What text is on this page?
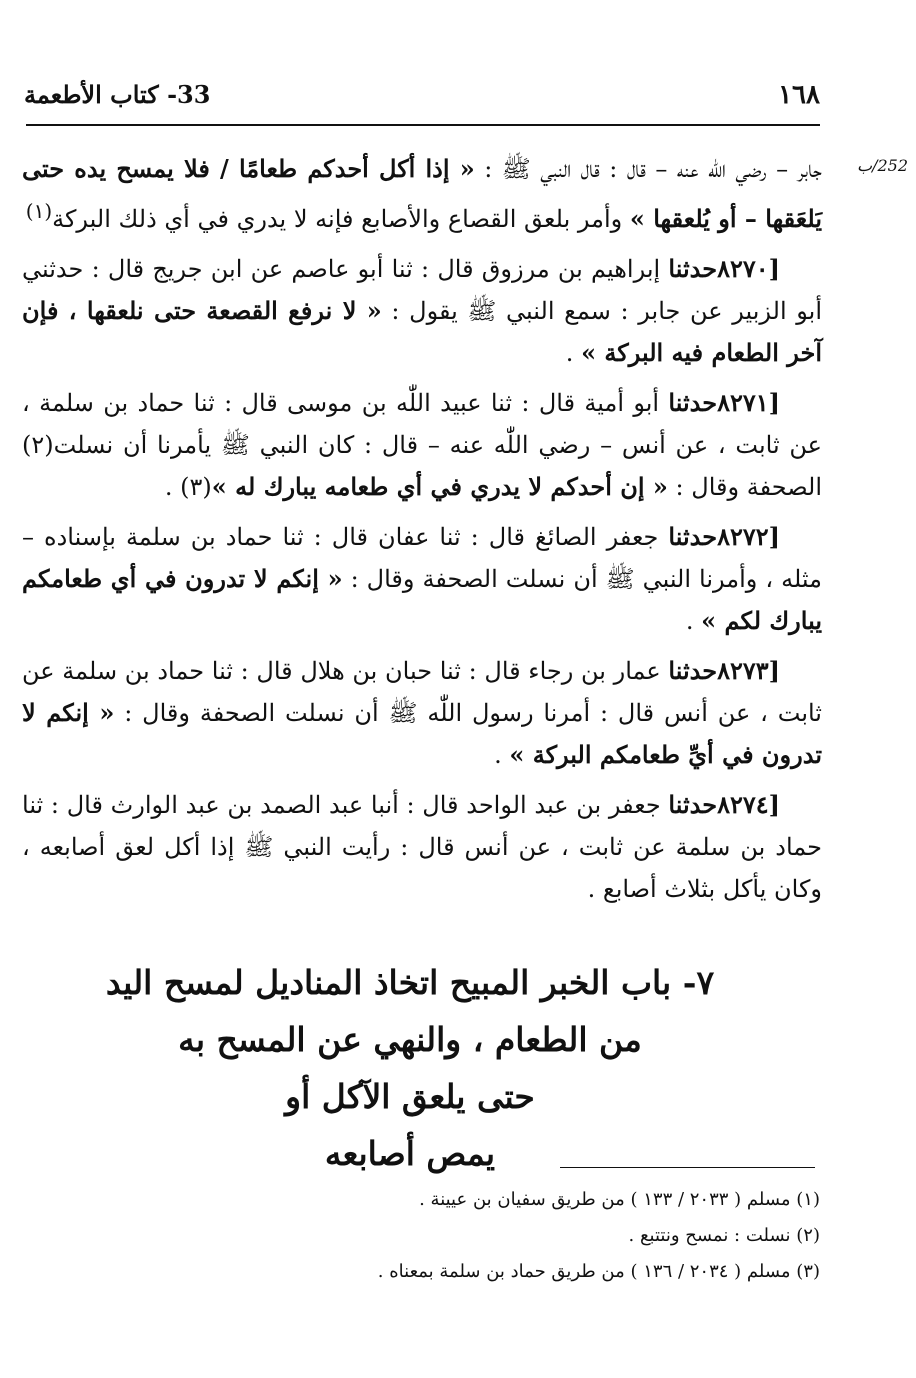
١٦٨
33- كتاب الأطعمة
252/ب

جابر – رضي اللّٰه عنه – قال : قال النبي ﷺ : « إذا أكل أحدكم طعامًا / فلا يمسح يده حتى يَلعَقها – أو يُلعقها » وأمر بلعق القصاع والأصابع فإنه لا يدري في أي ذلك البركة$^{(١)}$

[٨٢٧٠حدثنا إبراهيم بن مرزوق قال : ثنا أبو عاصم عن ابن جريج قال : حدثني أبو الزبير عن جابر : سمع النبي ﷺ يقول : « لا نرفع القصعة حتى نلعقها ، فإن آخر الطعام فيه البركة » .

[٨٢٧١حدثنا أبو أمية قال : ثنا عبيد اللّٰه بن موسى قال : ثنا حماد بن سلمة ، عن ثابت ، عن أنس – رضي اللّٰه عنه – قال : كان النبي ﷺ يأمرنا أن نسلت(٢) الصحفة وقال : « إن أحدكم لا يدري في أي طعامه يبارك له »(٣) .

[٨٢٧٢حدثنا جعفر الصائغ قال : ثنا عفان قال : ثنا حماد بن سلمة بإسناده – مثله ، وأمرنا النبي ﷺ أن نسلت الصحفة وقال : « إنكم لا تدرون في أي طعامكم يبارك لكم » .

[٨٢٧٣حدثنا عمار بن رجاء قال : ثنا حبان بن هلال قال : ثنا حماد بن سلمة عن ثابت ، عن أنس قال : أمرنا رسول اللّٰه ﷺ أن نسلت الصحفة وقال : « إنكم لا تدرون في أيِّ طعامكم البركة » .

[٨٢٧٤حدثنا جعفر بن عبد الواحد قال : أنبا عبد الصمد بن عبد الوارث قال : ثنا حماد بن سلمة عن ثابت ، عن أنس قال : رأيت النبي ﷺ إذا أكل لعق أصابعه ، وكان يأكل بثلاث أصابع .

٧- باب الخبر المبيح اتخاذ المناديل لمسح اليد
من الطعام ، والنهي عن المسح به
حتى يلعق الآكل أو
يمص أصابعه

(١) مسلم ( ٢٠٣٣ / ١٣٣ ) من طريق سفيان بن عيينة .

(٢) نسلت : نمسح ونتتبع .

(٣) مسلم ( ٢٠٣٤ / ١٣٦ ) من طريق حماد بن سلمة بمعناه .
